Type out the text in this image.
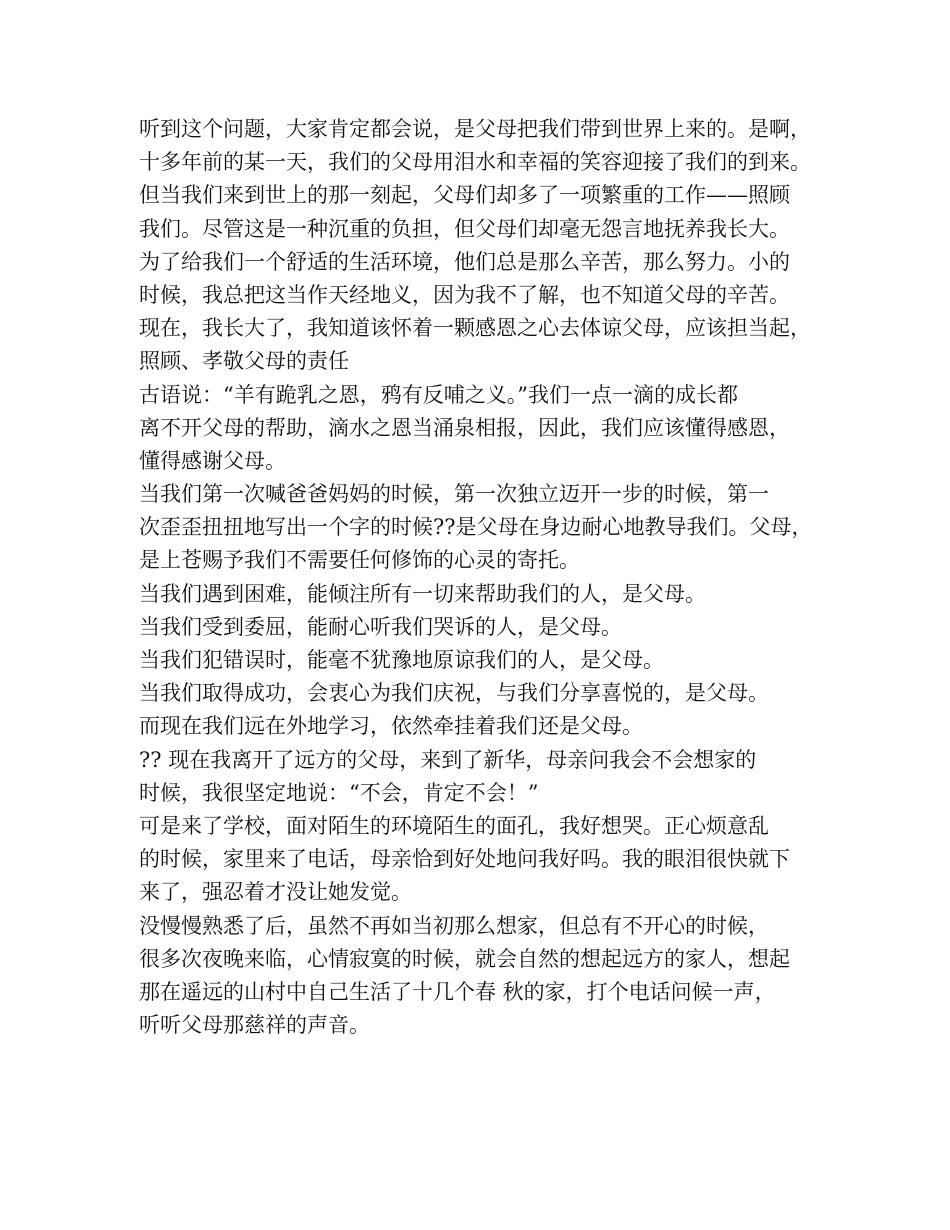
听到这个问题，大家肯定都会说，是父母把我们带到世界上来的。是啊，
十多年前的某一天，我们的父母用泪水和幸福的笑容迎接了我们的到来。
但当我们来到世上的那一刻起，父母们却多了一项繁重的工作——照顾
我们。尽管这是一种沉重的负担，但父母们却毫无怨言地抚养我长大。
为了给我们一个舒适的生活环境，他们总是那么辛苦，那么努力。小的
时候，我总把这当作天经地义，因为我不了解，也不知道父母的辛苦。
现在，我长大了，我知道该怀着一颗感恩之心去体谅父母，应该担当起，
照顾、孝敬父母的责任
古语说：“羊有跪乳之恩，鸦有反哺之义。”我们一点一滴的成长都
离不开父母的帮助，滴水之恩当涌泉相报，因此，我们应该懂得感恩，
懂得感谢父母。
当我们第一次喊爸爸妈妈的时候，第一次独立迈开一步的时候，第一
次歪歪扭扭地写出一个字的时候??是父母在身边耐心地教导我们。父母，
是上苍赐予我们不需要任何修饰的心灵的寄托。
当我们遇到困难，能倾注所有一切来帮助我们的人，是父母。
当我们受到委屈，能耐心听我们哭诉的人，是父母。
当我们犯错误时，能毫不犹豫地原谅我们的人，是父母。
当我们取得成功，会衷心为我们庆祝，与我们分享喜悦的，是父母。
而现在我们远在外地学习，依然牵挂着我们还是父母。
?? 现在我离开了远方的父母，来到了新华，母亲问我会不会想家的
时候，我很坚定地说：“不会，肯定不会！”
可是来了学校，面对陌生的环境陌生的面孔，我好想哭。正心烦意乱
的时候，家里来了电话，母亲恰到好处地问我好吗。我的眼泪很快就下
来了，强忍着才没让她发觉。
没慢慢熟悉了后，虽然不再如当初那么想家，但总有不开心的时候，
很多次夜晚来临，心情寂寞的时候，就会自然的想起远方的家人，想起
那在遥远的山村中自己生活了十几个春 秋的家，打个电话问候一声，
听听父母那慈祥的声音。
